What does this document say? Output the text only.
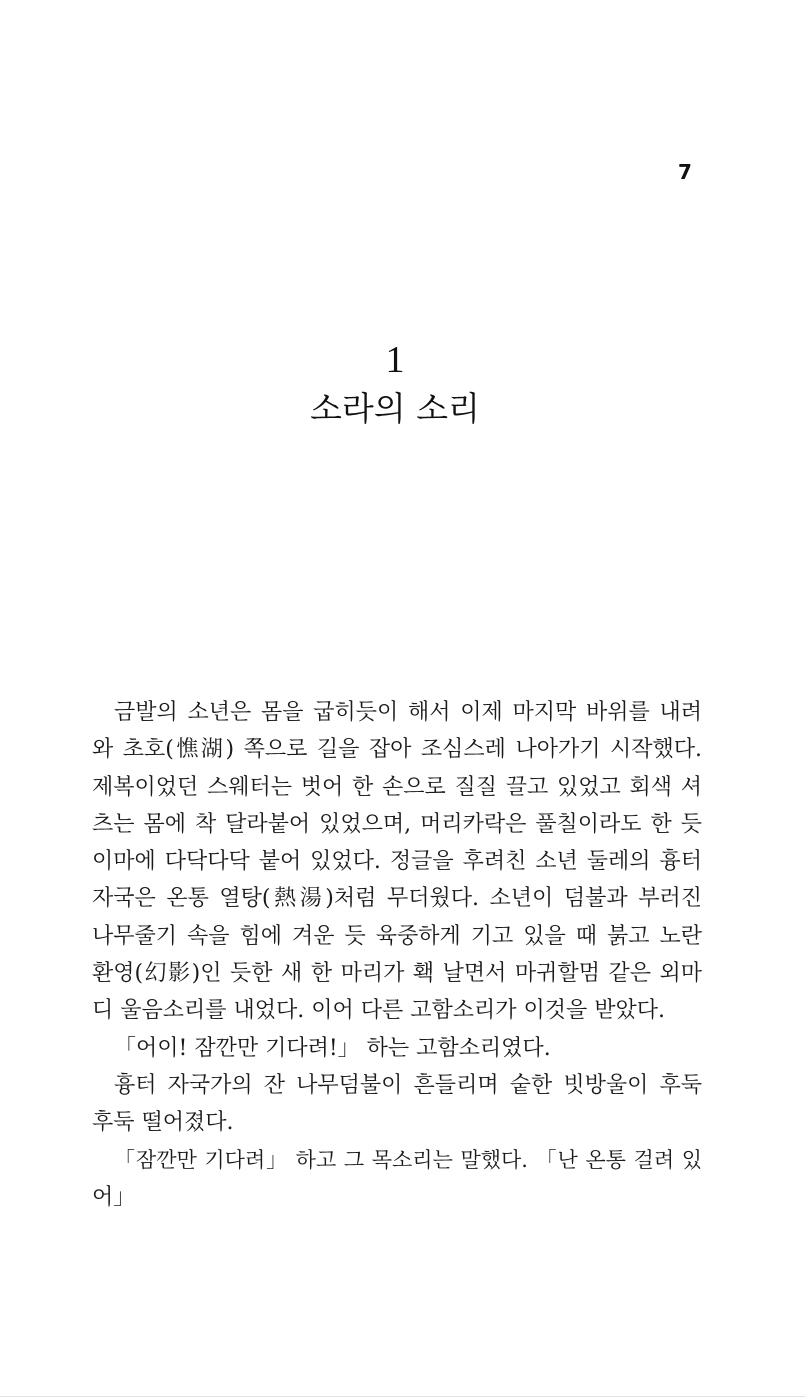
7
1
소라의 소리
금발의 소년은 몸을 굽히듯이 해서 이제 마지막 바위를 내려
와 초호(憔湖) 쪽으로 길을 잡아 조심스레 나아가기 시작했다.
제복이었던 스웨터는 벗어 한 손으로 질질 끌고 있었고 회색 셔
츠는 몸에 착 달라붙어 있었으며, 머리카락은 풀칠이라도 한 듯
이마에 다닥다닥 붙어 있었다. 정글을 후려친 소년 둘레의 흉터
자국은 온통 열탕(熱湯)처럼 무더웠다. 소년이 덤불과 부러진
나무줄기 속을 힘에 겨운 듯 육중하게 기고 있을 때 붉고 노란
환영(幻影)인 듯한 새 한 마리가 홱 날면서 마귀할멈 같은 외마
디 울음소리를 내었다. 이어 다른 고함소리가 이것을 받았다.
「어이! 잠깐만 기다려!」 하는 고함소리였다.
흉터 자국가의 잔 나무덤불이 흔들리며 숱한 빗방울이 후둑
후둑 떨어졌다.
「잠깐만 기다려」 하고 그 목소리는 말했다. 「난 온통 걸려 있
어」
